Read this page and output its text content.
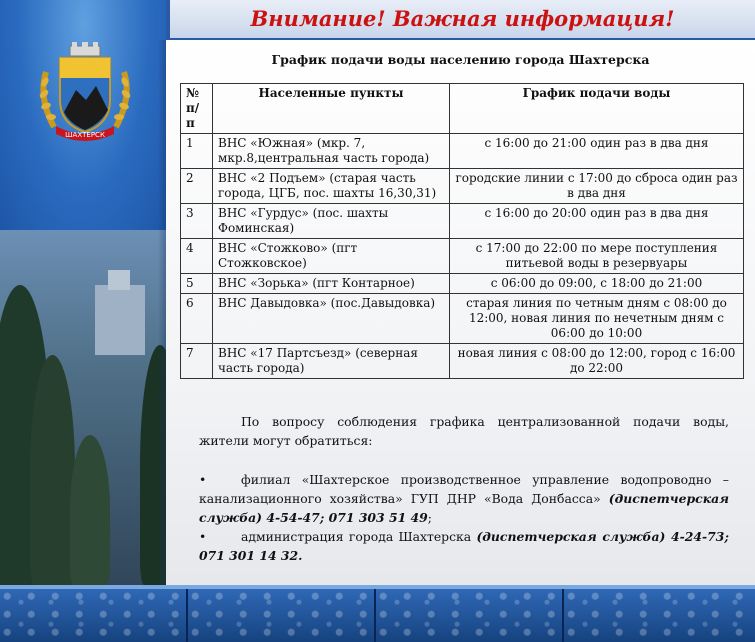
ШАХТЕРСК
Внимание! Важная информация!
График подачи воды населению города Шахтерска
№ п/ п	Населенные пункты	График подачи воды
1	ВНС «Южная» (мкр. 7, мкр.8,центральная часть города)	с 16:00 до 21:00 один раз в два дня
2	ВНС «2 Подъем» (старая часть города, ЦГБ, пос. шахты 16,30,31)	городские линии с 17:00 до сброса один раз в два дня
3	ВНС «Гурдус» (пос. шахты Фоминская)	с 16:00 до 20:00 один раз в два дня
4	ВНС «Стожково» (пгт Стожковское)	с 17:00 до 22:00 по мере поступления питьевой воды в резервуары
5	ВНС «Зорька» (пгт Контарное)	с 06:00 до 09:00, с 18:00 до 21:00
6	ВНС Давыдовка» (пос.Давыдовка)	старая линия по четным дням с 08:00 до 12:00, новая линия по нечетным дням с 06:00 до 10:00
7	ВНС «17 Партсъезд» (северная часть города)	новая линия с 08:00 до 12:00, город с 16:00 до 22:00
По вопросу соблюдения графика централизованной подачи воды, жители могут обратиться:
•	филиал «Шахтерское производственное управление водопроводно – канализационного хозяйства» ГУП ДНР «Вода Донбасса» (диспетчерская служба) 4-54-47; 071 303 51 49;
•	администрация города Шахтерска (диспетчерская служба) 4-24-73; 071 301 14 32.
